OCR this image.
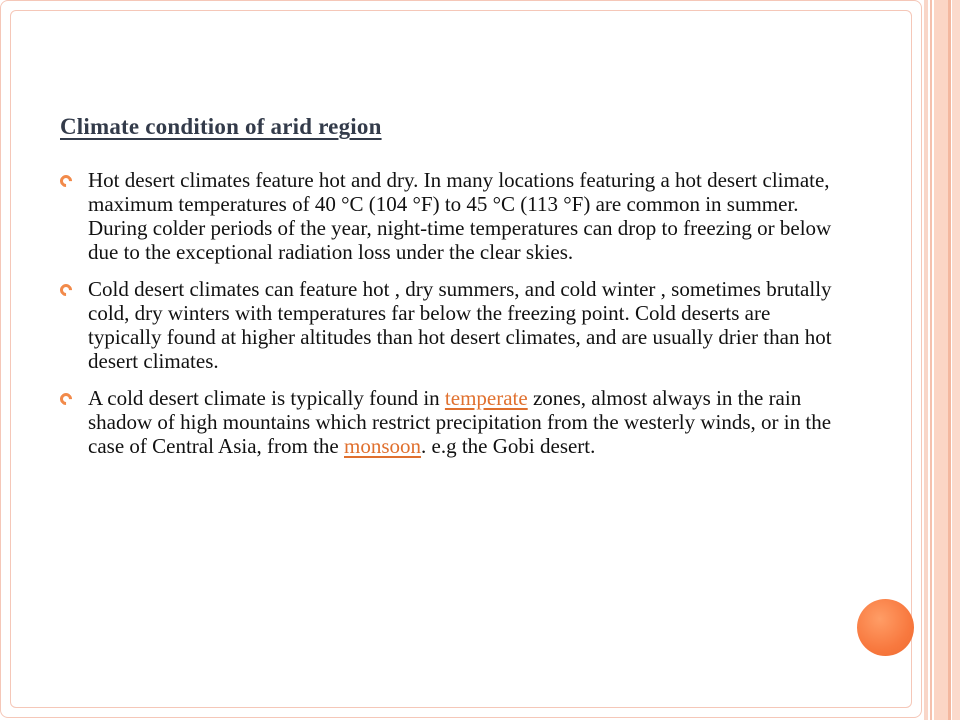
Climate condition of arid region
Hot desert climates feature hot and dry. In many locations featuring a hot desert climate, maximum temperatures of 40 °C (104 °F) to 45 °C (113 °F) are common in summer. During colder periods of the year, night-time temperatures can drop to freezing or below due to the exceptional radiation loss under the clear skies.
Cold desert climates can feature hot , dry summers, and cold winter , sometimes brutally cold, dry winters with temperatures far below the freezing point. Cold deserts are typically found at higher altitudes than hot desert climates, and are usually drier than hot desert climates.
A cold desert climate is typically found in temperate zones, almost always in the rain shadow of high mountains which restrict precipitation from the westerly winds, or in the case of Central Asia, from the monsoon. e.g the Gobi desert.
